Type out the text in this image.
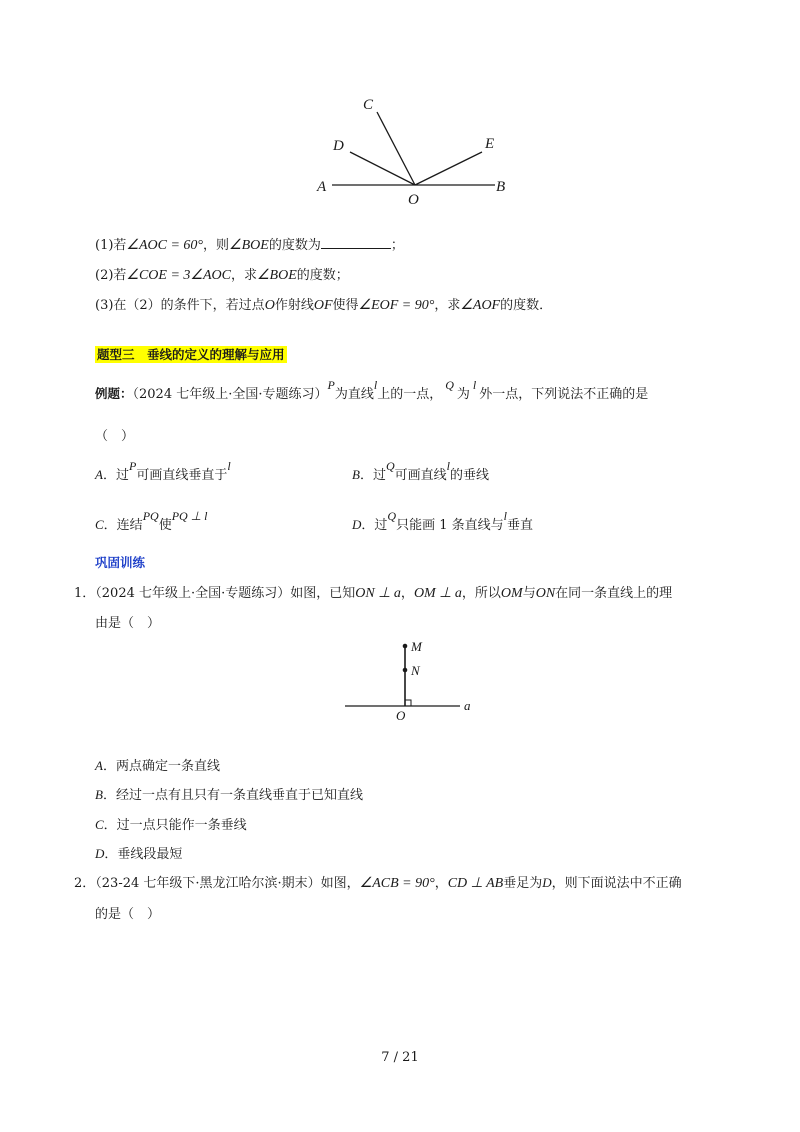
A
O
B
C
D	E
(1)若∠AOC = 60°，则∠BOE的度数为	；
(2)若∠COE = 3∠AOC，求∠BOE的度数；
(3)在（2）的条件下，若过点O作射线OF使得∠EOF = 90°，求∠AOF的度数．
题型三　垂线的定义的理解与应用
例题：（2024 七年级上·全国·专题练习）P为直线l上的一点，Q为l外一点，下列说法不正确的是
（　）
A．过P可画直线垂直于l
B．过Q可画直线l的垂线
C．连结PQ使PQ ⊥ l
D．过Q只能画 1 条直线与l垂直
巩固训练
1．（2024 七年级上·全国·专题练习）如图，已知ON ⊥ a，OM ⊥ a，所以OM与ON在同一条直线上的理
由是（　）
M
N
O
a
A．两点确定一条直线
B．经过一点有且只有一条直线垂直于已知直线
C．过一点只能作一条垂线
D．垂线段最短
2．（23-24 七年级下·黑龙江哈尔滨·期末）如图，∠ACB = 90°，CD ⊥ AB垂足为D，则下面说法中不正确
的是（　）
7 / 21
